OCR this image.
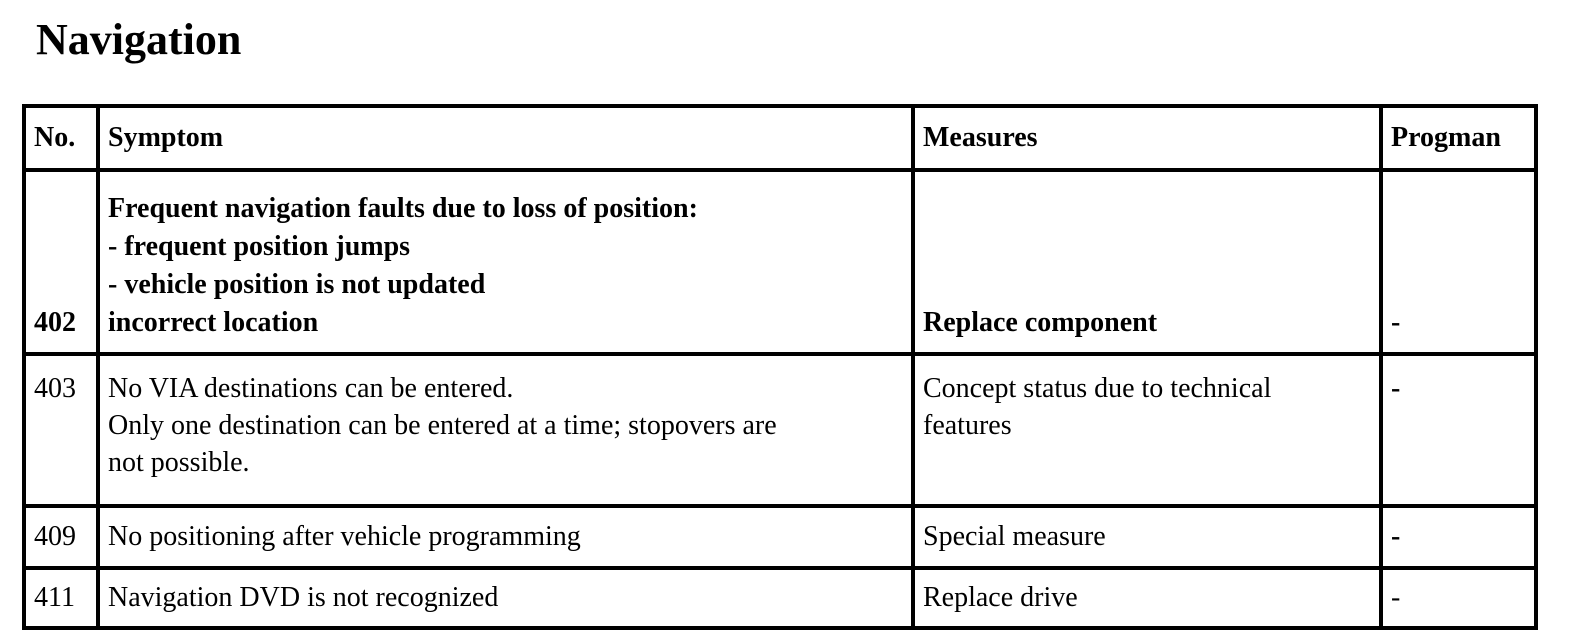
Navigation
No.	Symptom	Measures	Progman
402	Frequent navigation faults due to loss of position:
- frequent position jumps
- vehicle position is not updated
incorrect location	Replace component	-
403	No VIA destinations can be entered.
Only one destination can be entered at a time; stopovers are
not possible.	Concept status due to technical
features	-
409	No positioning after vehicle programming	Special measure	-
411	Navigation DVD is not recognized	Replace drive	-
